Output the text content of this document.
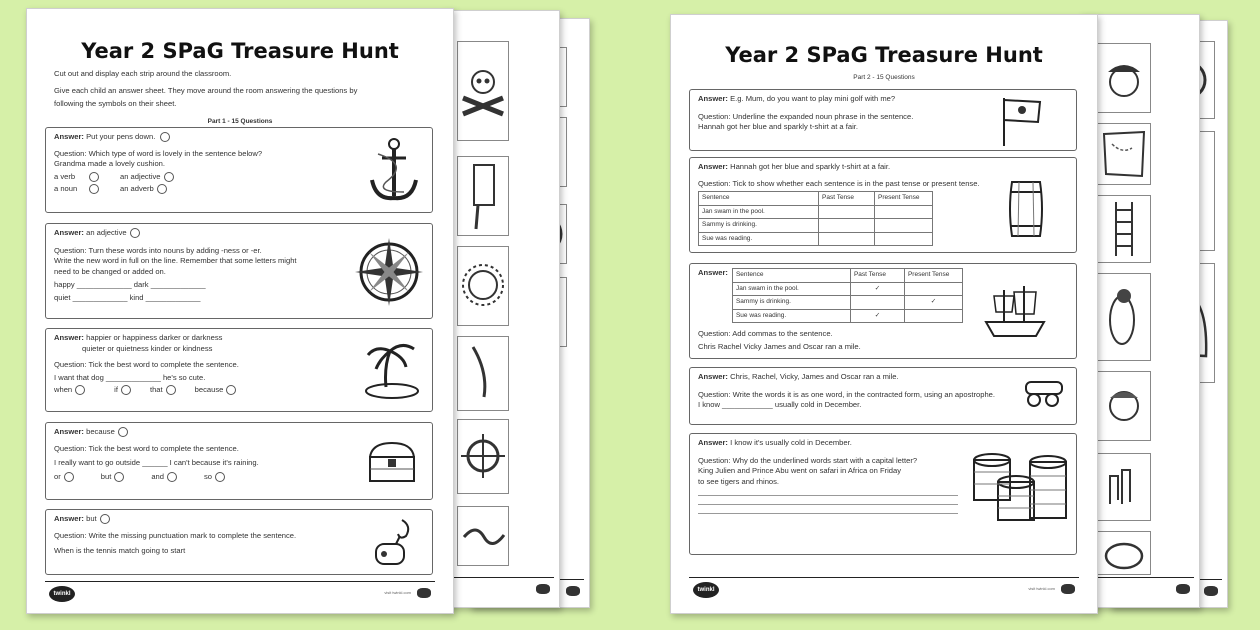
Year 2 SPaG Treasure Hunt
Cut out and display each strip around the classroom.
Give each child an answer sheet. They move around the room answering the questions by
following the symbols on their sheet.
Part 1 - 15 Questions
Answer: Put your pens down.
Question: Which type of word is lovely in the sentence below?
Grandma made a lovely cushion.
a verb	an adjective
a noun	an adverb
Answer: an adjective
Question: Turn these words into nouns by adding -ness or -er.
Write the new word in full on the line. Remember that some letters might
need to be changed or added on.
happy _____________ dark _____________
quiet _____________ kind _____________
Answer: happier or happiness darker or darkness
quieter or quietness kinder or kindness
Question: Tick the best word to complete the sentence.
I want that dog _____________ he's so cute.
when	if	that	because
Answer: because
Question: Tick the best word to complete the sentence.
I really want to go outside ______ I can't because it's raining.
or	but	and	so
Answer: but
Question: Write the missing punctuation mark to complete the sentence.
When is the tennis match going to start
twinkl	visit twinkl.com
Year 2 SPaG Treasure Hunt
Part 2 - 15 Questions
Answer: E.g. Mum, do you want to play mini golf with me?
Question: Underline the expanded noun phrase in the sentence.
Hannah got her blue and sparkly t-shirt at a fair.
Answer: Hannah got her blue and sparkly t-shirt at a fair.
Question: Tick to show whether each sentence is in the past tense or present tense.
Sentence	Past Tense	Present Tense
Jan swam in the pool.		
Sammy is drinking.		
Sue was reading.		
Answer: Sentence	Past Tense	Present Tense
Jan swam in the pool.	✓	
Sammy is drinking.		✓
Sue was reading.	✓	
Question: Add commas to the sentence.
Chris Rachel Vicky James and Oscar ran a mile.
Answer: Chris, Rachel, Vicky, James and Oscar ran a mile.
Question: Write the words it is as one word, in the contracted form, using an apostrophe.
I know ____________ usually cold in December.
Answer: I know it's usually cold in December.
Question: Why do the underlined words start with a capital letter?
King Julien and Prince Abu went on safari in Africa on Friday
to see tigers and rhinos.
twinkl	visit twinkl.com
